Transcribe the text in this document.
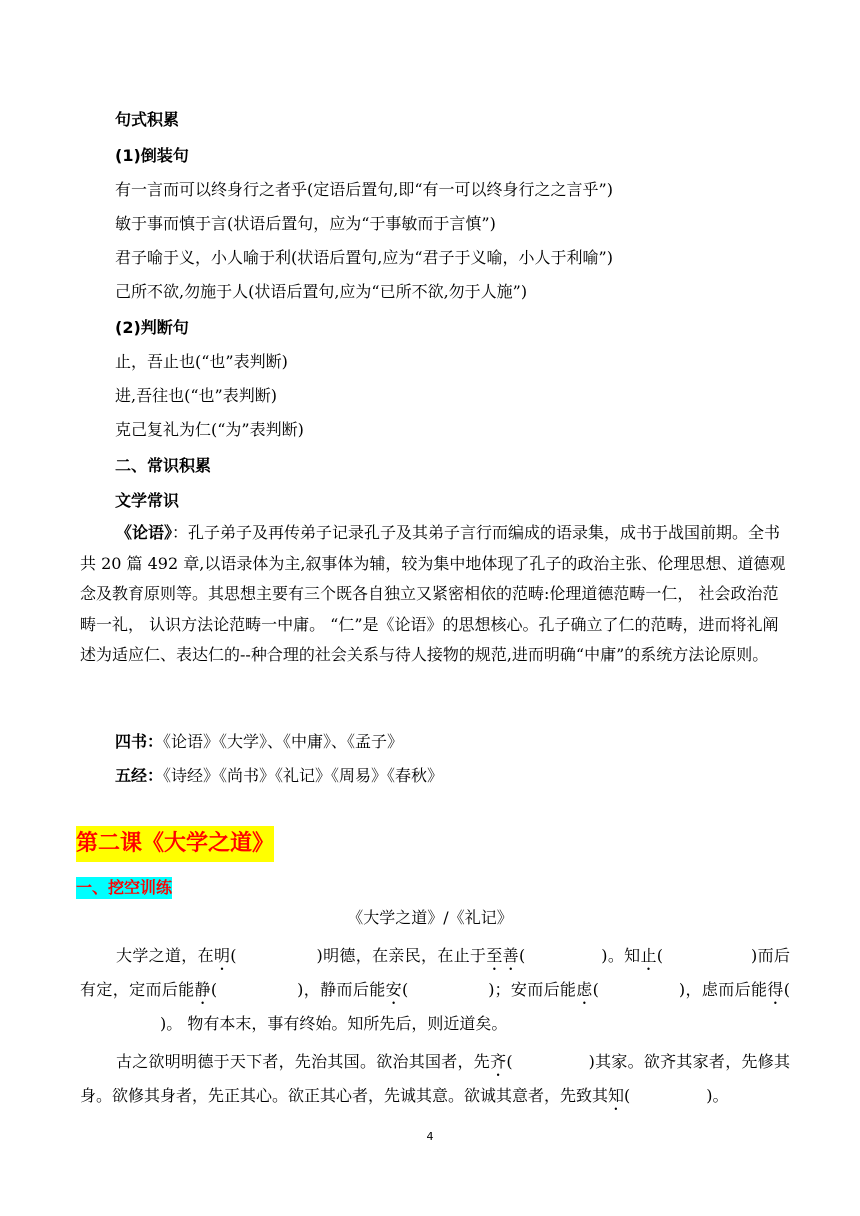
句式积累
(1)倒装句
有一言而可以终身行之者乎(定语后置句,即“有一可以终身行之之言乎”)
敏于事而慎于言(状语后置句，应为“于事敏而于言慎”)
君子喻于义，小人喻于利(状语后置句,应为“君子于义喻，小人于利喻”)
己所不欲,勿施于人(状语后置句,应为“已所不欲,勿于人施”)
(2)判断句
止，吾止也(“也”表判断)
进,吾往也(“也”表判断)
克己复礼为仁(“为”表判断)
二、常识积累
文学常识

《论语》：孔子弟子及再传弟子记录孔子及其弟子言行而编成的语录集，成书于战国前期。全书共 20 篇 492 章,以语录体为主,叙事体为辅，较为集中地体现了孔子的政治主张、伦理思想、道德观念及教育原则等。其思想主要有三个既各自独立又紧密相依的范畴:伦理道德范畴一仁， 社会政治范畴一礼， 认识方法论范畴一中庸。 “仁”是《论语》的思想核心。孔子确立了仁的范畴，进而将礼阐述为适应仁、表达仁的--种合理的社会关系与待人接物的规范,进而明确“中庸”的系统方法论原则。

四书：《论语》《大学》、《中庸》、《孟子》
五经：《诗经》《尚书》《礼记》《周易》《春秋》
第二课《大学之道》
一、挖空训练
《大学之道》/《礼记》

大学之道，在明(	)明德，在亲民，在止于至善(	)。知止(	)而后有定，定而后能静(	)，静而后能安(	)；安而后能虑(	)，虑而后能得()。 物有本末，事有终始。知所先后，则近道矣。

古之欲明明德于天下者，先治其国。欲治其国者，先齐(	)其家。欲齐其家者，先修其身。欲修其身者，先正其心。欲正其心者，先诚其意。欲诚其意者，先致其知(	)。

4
